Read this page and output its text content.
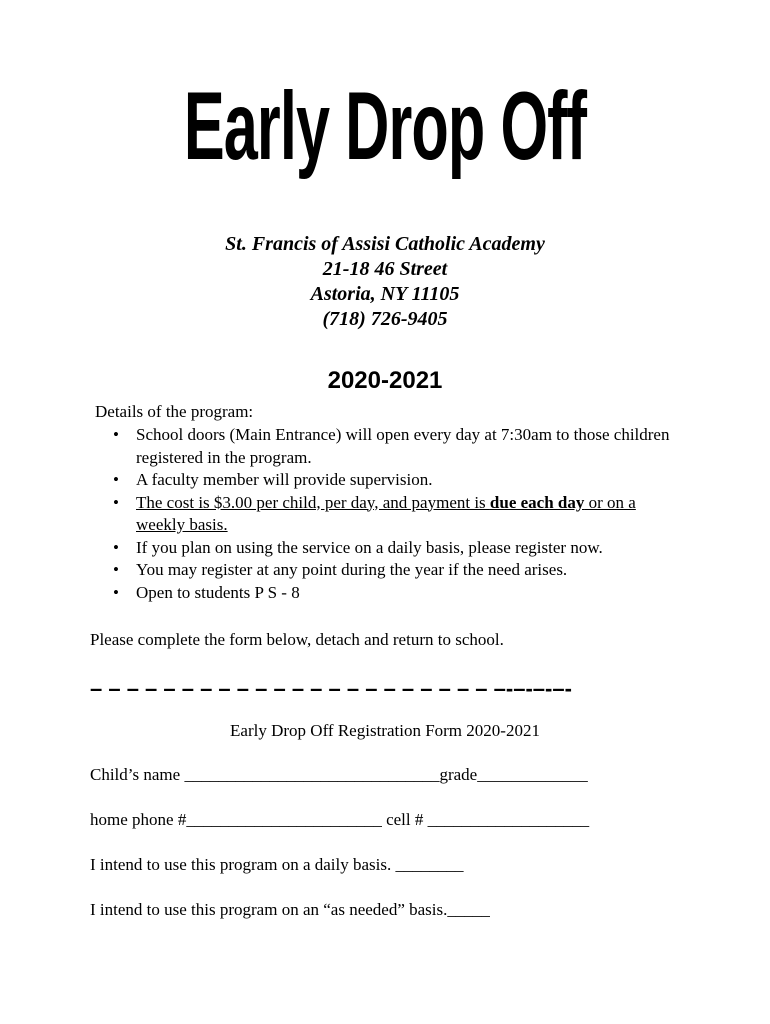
Early Drop Off
St. Francis of Assisi Catholic Academy
21-18 46 Street
Astoria, NY 11105
(718) 726-9405
2020-2021
Details of the program:
• School doors (Main Entrance) will open every day at 7:30am to those children registered in the program.
• A faculty member will provide supervision.
• The cost is $3.00 per child, per day, and payment is due each day or on a weekly basis.
• If you plan on using the service on a daily basis, please register now.
• You may register at any point during the year if the need arises.
• Open to students P S - 8
Please complete the form below, detach and return to school.
– – – – – – – – – – – – – – – – – – – – – – –-–-–-–-
Early Drop Off Registration Form 2020-2021
Child’s name ______________________________grade_____________
home phone #_______________________ cell # ___________________
I intend to use this program on a daily basis. ________
I intend to use this program on an “as needed” basis._____
